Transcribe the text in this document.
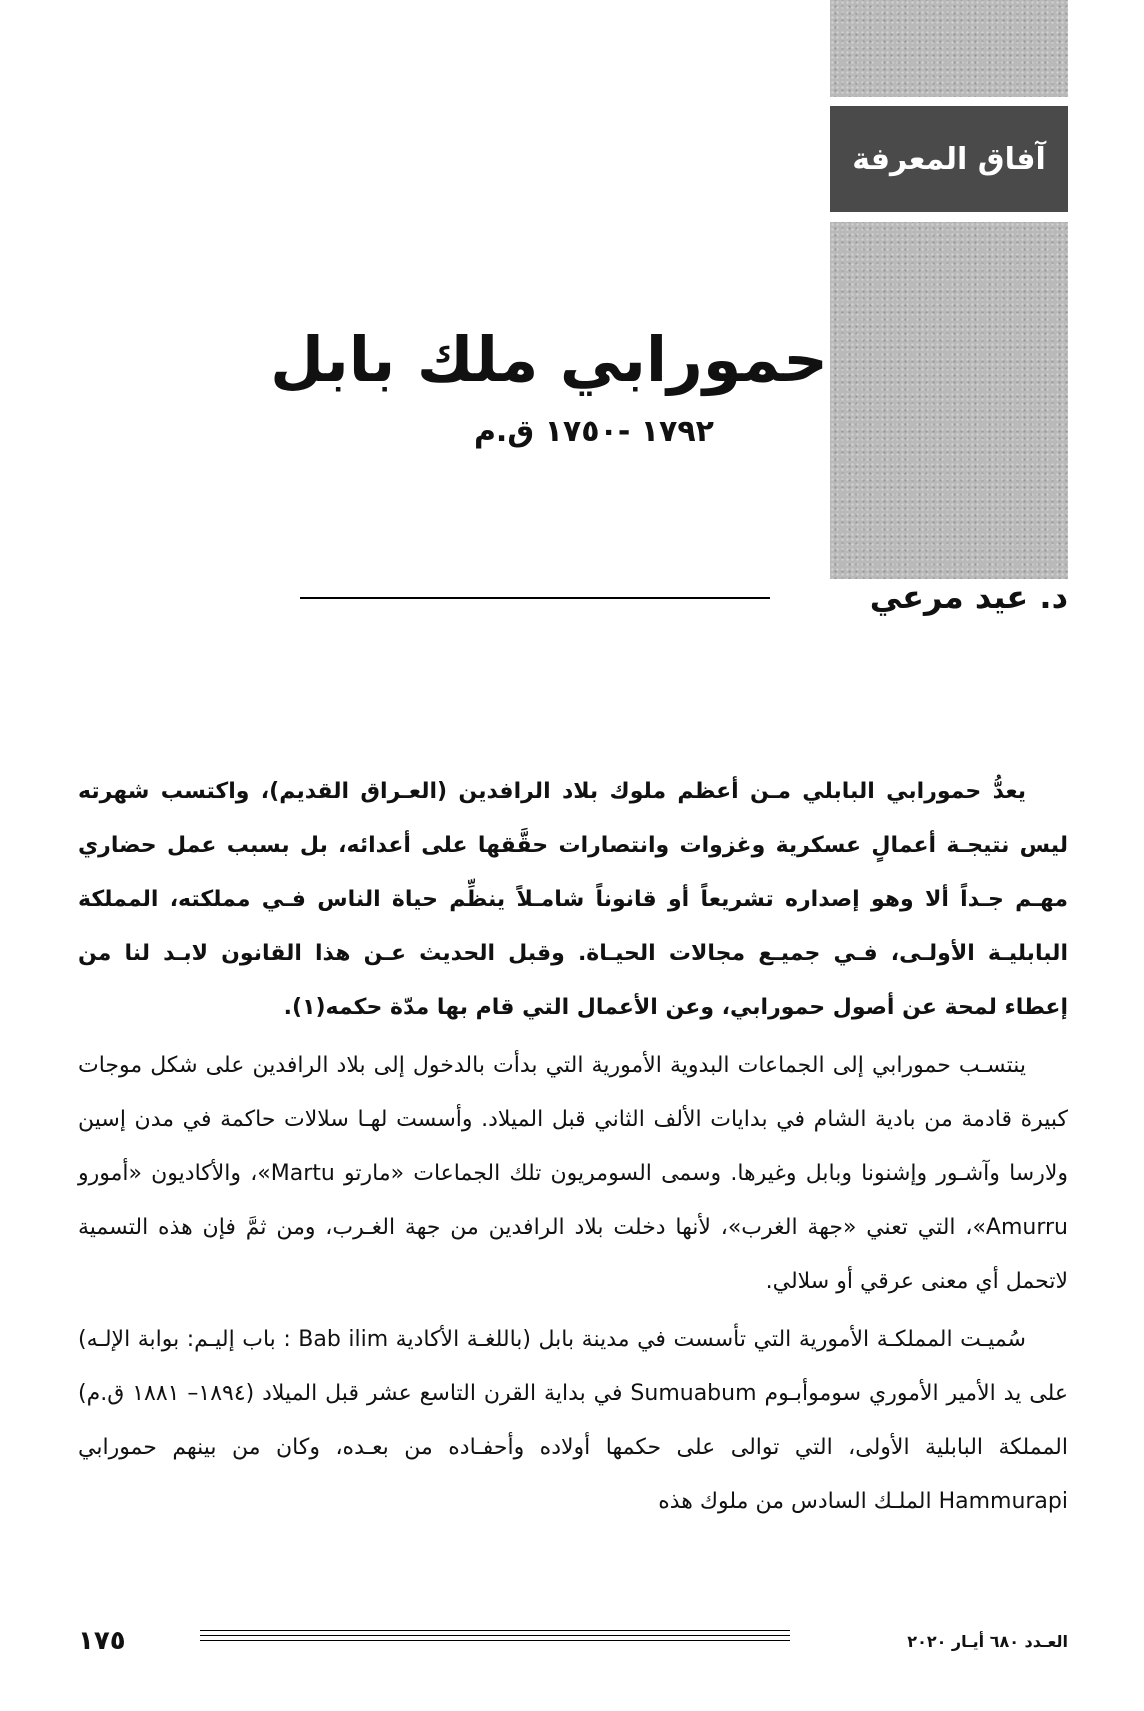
آفاق المعرفة
حمورابي ملك بابل
١٧٩٢ -١٧٥٠ ق.م
د. عيد مرعي

يعدُّ حمورابي البابلي مـن أعظم ملوك بلاد الرافدين (العـراق القديم)، واكتسب شهرته ليس نتيجـة أعمالٍ عسكرية وغزوات وانتصارات حقَّقها على أعدائه، بل بسبب عمل حضاري مهـم جـداً ألا وهو إصداره تشريعاً أو قانوناً شامـلاً ينظِّم حياة الناس فـي مملكته، المملكة البابليـة الأولـى، فـي جميـع مجالات الحيـاة. وقبل الحديث عـن هذا القانون لابـد لنا من إعطاء لمحة عن أصول حمورابي، وعن الأعمال التي قام بها مدّة حكمه(١).

ينتسـب حمورابي إلى الجماعات البدوية الأمورية التي بدأت بالدخول إلى بلاد الرافدين على شكل موجات كبيرة قادمة من بادية الشام في بدايات الألف الثاني قبل الميلاد. وأسست لهـا سلالات حاكمة في مدن إسين ولارسا وآشـور وإشنونا وبابل وغيرها. وسمى السومريون تلك الجماعات «مارتو Martu»، والأكاديون «أمورو Amurru»، التي تعني «جهة الغرب»، لأنها دخلت بلاد الرافدين من جهة الغـرب، ومن ثمَّ فإن هذه التسمية لاتحمل أي معنى عرقي أو سلالي.

سُميـت المملكـة الأمورية التي تأسست في مدينة بابل (باللغـة الأكادية Bab ilim : باب إليـم: بوابة الإلـه) على يد الأمير الأموري سوموأبـوم Sumuabum في بداية القرن التاسع عشر قبل الميلاد (١٨٩٤– ١٨٨١ ق.م) المملكة البابلية الأولى، التي توالى على حكمها أولاده وأحفـاده من بعـده، وكان من بينهم حمورابي Hammurapi الملـك السادس من ملوك هذه

العـدد ٦٨٠ أيـار ٢٠٢٠
١٧٥
